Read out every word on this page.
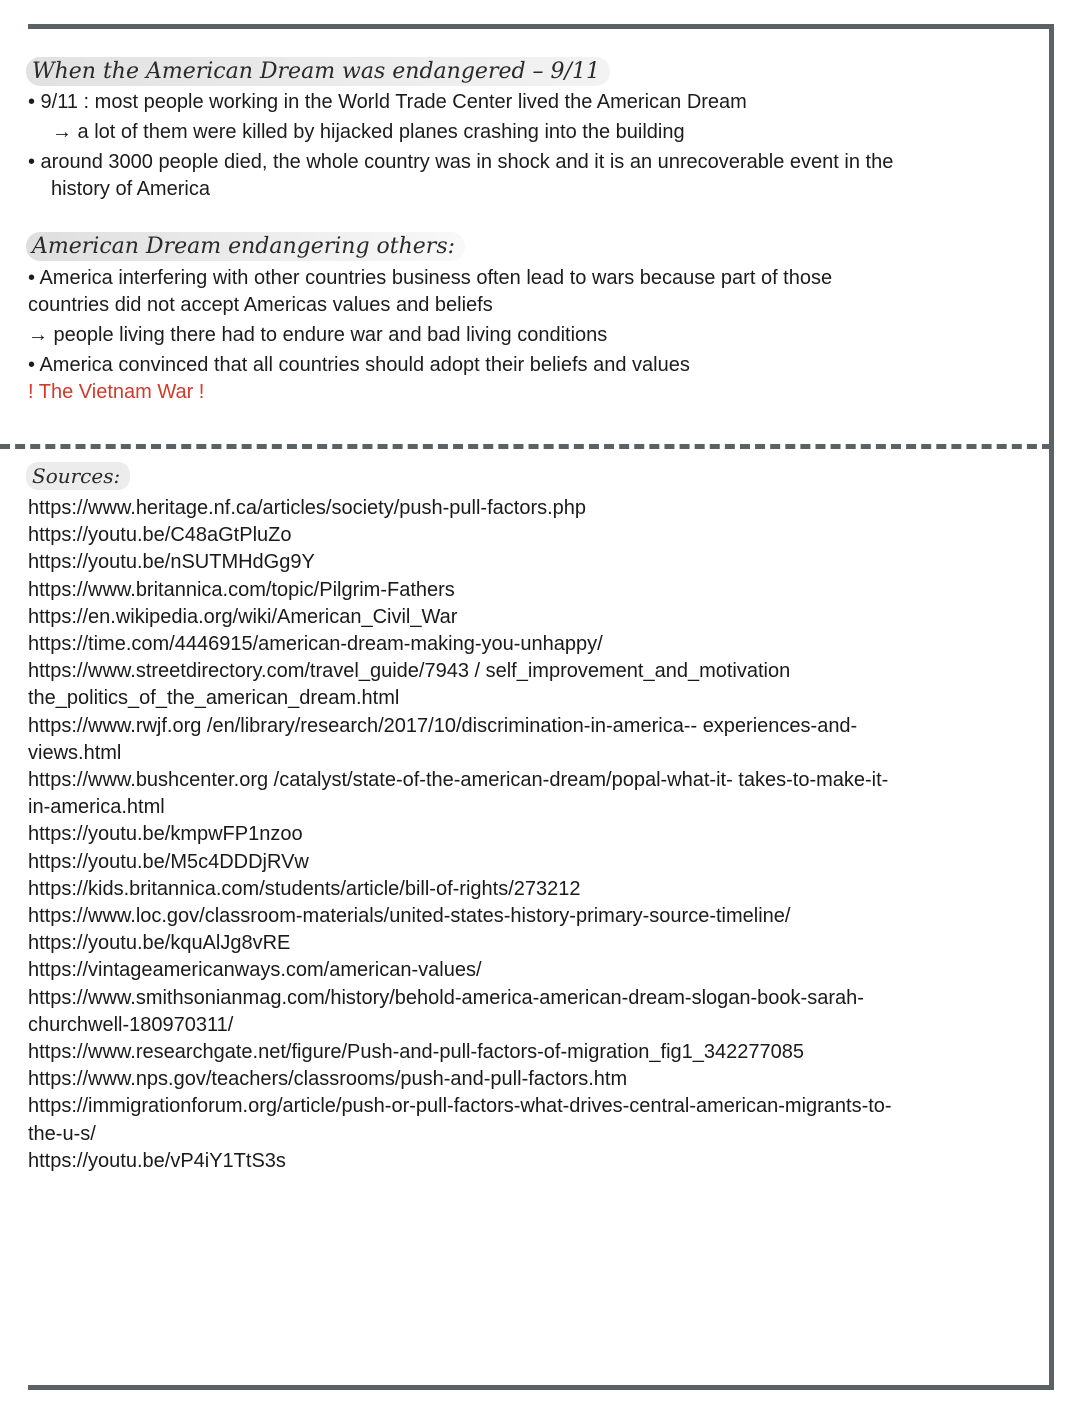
When the American Dream was endangered – 9/11
• 9/11 : most people working in the World Trade Center lived the American Dream
→ a lot of them were killed by hijacked planes crashing into the building
• around 3000 people died, the whole country was in shock and it is an unrecoverable event in the
history of America
American Dream endangering others:
• America interfering with other countries business often lead to wars because part of those
countries did not accept Americas values and beliefs
→ people living there had to endure war and bad living conditions
• America convinced that all countries should adopt their beliefs and values
! The Vietnam War !
Sources:
https://www.heritage.nf.ca/articles/society/push-pull-factors.php
https://youtu.be/C48aGtPluZo
https://youtu.be/nSUTMHdGg9Y
https://www.britannica.com/topic/Pilgrim-Fathers
https://en.wikipedia.org/wiki/American_Civil_War
https://time.com/4446915/american-dream-making-you-unhappy/
https://www.streetdirectory.com/travel_guide/7943 / self_improvement_and_motivation
the_politics_of_the_american_dream.html
https://www.rwjf.org /en/library/research/2017/10/discrimination-in-america-- experiences-and-
views.html
https://www.bushcenter.org /catalyst/state-of-the-american-dream/popal-what-it- takes-to-make-it-
in-america.html
https://youtu.be/kmpwFP1nzoo
https://youtu.be/M5c4DDDjRVw
https://kids.britannica.com/students/article/bill-of-rights/273212
https://www.loc.gov/classroom-materials/united-states-history-primary-source-timeline/
https://youtu.be/kquAlJg8vRE
https://vintageamericanways.com/american-values/
https://www.smithsonianmag.com/history/behold-america-american-dream-slogan-book-sarah-
churchwell-180970311/
https://www.researchgate.net/figure/Push-and-pull-factors-of-migration_fig1_342277085
https://www.nps.gov/teachers/classrooms/push-and-pull-factors.htm
https://immigrationforum.org/article/push-or-pull-factors-what-drives-central-american-migrants-to-
the-u-s/
https://youtu.be/vP4iY1TtS3s
